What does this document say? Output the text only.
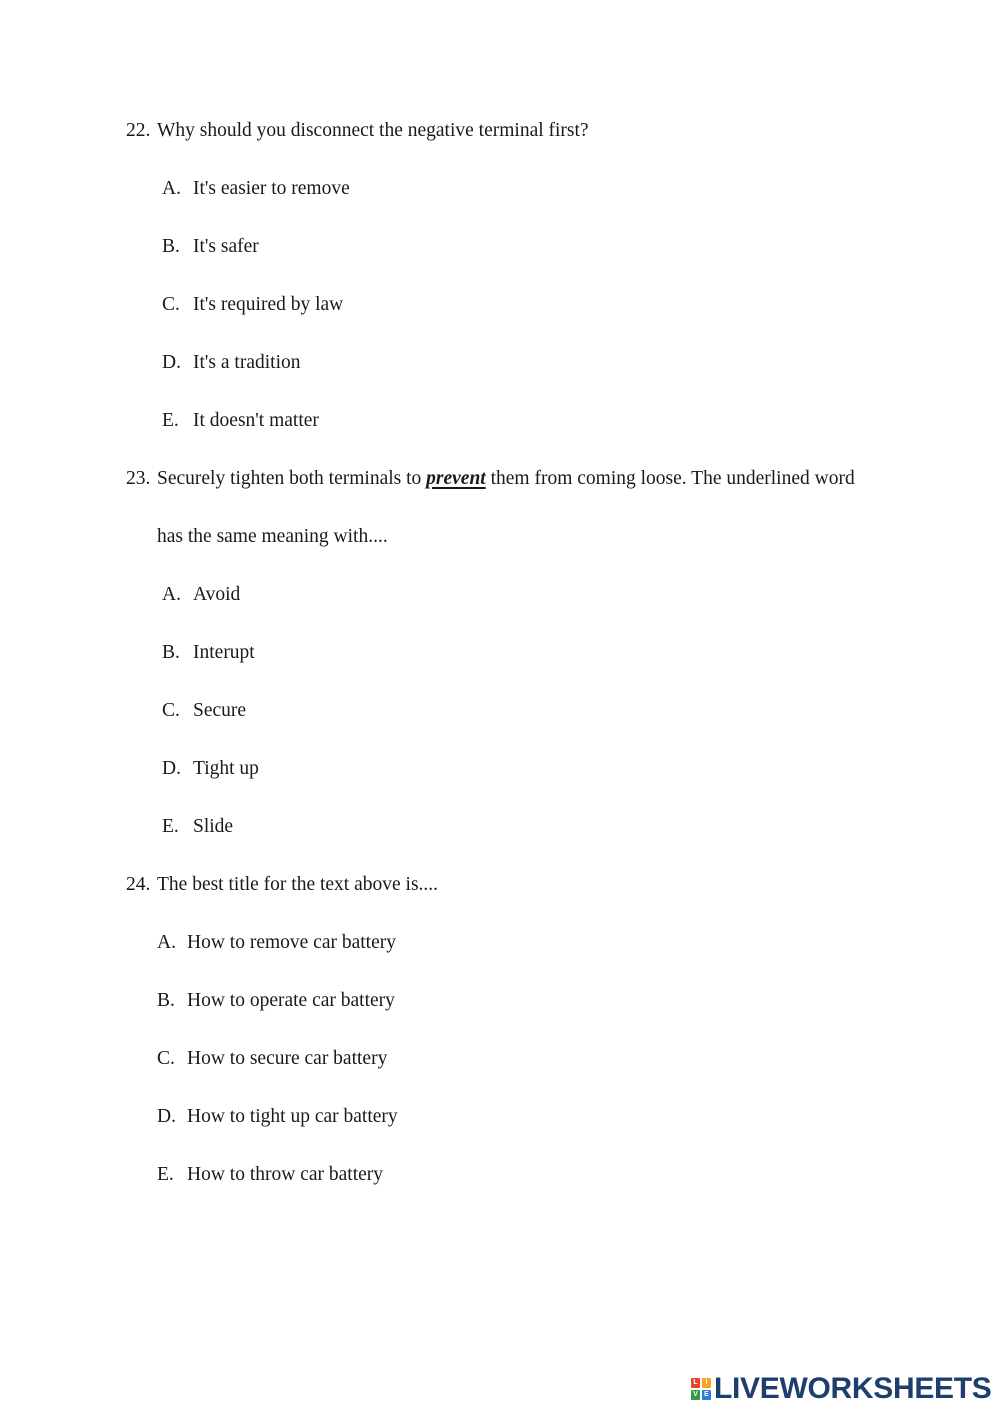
22. Why should you disconnect the negative terminal first?
A. It's easier to remove
B. It's safer
C. It's required by law
D. It's a tradition
E. It doesn't matter
23. Securely tighten both terminals to prevent them from coming loose. The underlined word
has the same meaning with....
A. Avoid
B. Interupt
C. Secure
D. Tight up
E. Slide
24. The best title for the text above is....
A. How to remove car battery
B. How to operate car battery
C. How to secure car battery
D. How to tight up car battery
E. How to throw car battery
L	I
V E LIVEWORKSHEETS
